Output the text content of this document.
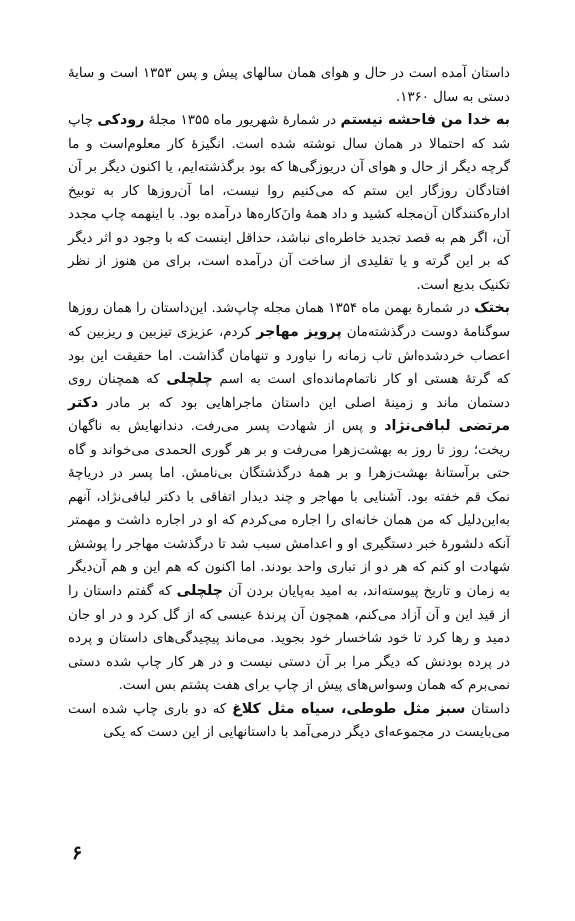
داستان آمده است در حال و هوای همان سالهای پیش و پس ۱۳۵۳ است و سایهٔ دستی به سال ۱۳۶۰.

به خدا من فاحشه نیستم در شمارهٔ شهریور ماه ۱۳۵۵ مجلهٔ رودکی چاپ شد که احتمالا در همان سال نوشته شده است. انگیزهٔ کار معلوم‌است و ما گرچه دیگر از حال و هوای آن دریوزگی‌ها که بود برگذشته‌ایم، یا اکنون دیگر بر آن افتادگان روزگار این ستم که می‌کنیم روا نیست، اما آن‌روزها کار به توبیخ اداره‌کنندگان آن‌مجله کشید و داد همهٔ وانَ‌کاره‌ها درآمده بود. با اینهمه چاپ مجدد آن، اگر هم به قصد تجدید خاطره‌ای نباشد، حداقل اینست که با وجود دو اثر دیگر که بر این گرته و یا تقلیدی از ساخت آن درآمده است، برای من هنوز از نظر تکنیک بدیع است.

بختک در شمارهٔ بهمن ماه ۱۳۵۴ همان مجله چاپ‌شد. این‌داستان را همان روزها سوگنامهٔ دوست درگذشته‌مان پرویز مهاجر کردم، عزیزی تیزبین و ریزبین که اعصاب خردشده‌اش تاب زمانه را نیاورد و تنهامان گذاشت. اما حقیقت این بود که گرتهٔ هستی او کار ناتمام‌مانده‌ای است به اسم چلچلی که همچنان روی دستمان ماند و زمینهٔ اصلی این داستان ماجراهایی بود که بر مادر دکتر مرتضی لبافی‌نژاد و پس از شهادت پسر می‌رفت. دندانهایش به ناگهان ریخت؛ روز تا روز به بهشت‌زهرا می‌رفت و بر هر گوری الحمدی می‌خواند و گاه حتی برآستانهٔ بهشت‌زهرا و بر همهٔ درگذشتگان بی‌نامش. اما پسر در دریاچهٔ نمک قم خفته بود. آشنایی با مهاجر و چند دیدار اتفاقی با دکتر لبافی‌نژاد، آنهم به‌این‌دلیل که من همان خانه‌ای را اجاره می‌کردم که او در اجاره داشت و مهمتر آنکه دلشورهٔ خبر دستگیری او و اعدامش سبب شد تا درگذشت مهاجر را پوشش شهادت او کنم که هر دو از تباری واحد بودند. اما اکنون که هم این و هم آن‌دیگر به زمان و تاریخ پیوسته‌اند، به امید به‌پایان بردن آن چلچلی که گفتم داستان را از قید این و آن آزاد می‌کنم، همچون آن پرندهٔ عیسی که از گل کرد و در او جان دمید و رها کرد تا خود شاخسار خود بجوید. می‌ماند پیچیدگی‌های داستان و پرده در پرده بودنش که دیگر مرا بر آن دستی نیست و در هر کار چاپ شده دستی نمی‌برم که همان وسواس‌های پیش از چاپ برای هفت پشتم بس است.

داستان سبز مثل طوطی، سیاه مثل کلاغ که دو باری چاپ شده است می‌بایست در مجموعه‌ای دیگر درمی‌آمد با داستانهایی از این دست که یکی

۶
